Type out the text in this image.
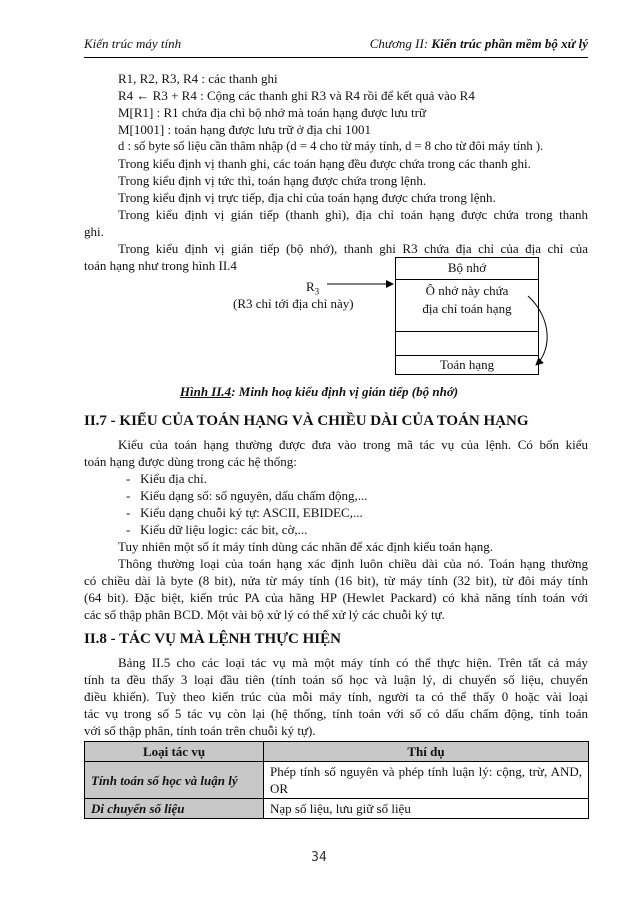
Kiến trúc máy tính	Chương II: Kiến trúc phần mềm bộ xử lý
R1, R2, R3, R4 : các thanh ghi
R4 ← R3 + R4 : Cộng các thanh ghi R3 và R4 rồi để kết quả vào R4
M[R1] : R1 chứa địa chỉ bộ nhớ mà toán hạng được lưu trữ
M[1001] : toán hạng được lưu trữ ở địa chỉ 1001
d : số byte số liệu cần thâm nhập (d = 4 cho từ máy tính, d = 8 cho từ đôi máy tính ).
Trong kiểu định vị thanh ghi, các toán hạng đều được chứa trong các thanh ghi.
Trong kiểu định vị tức thì, toán hạng được chứa trong lệnh.
Trong kiểu định vị trực tiếp, địa chỉ của toán hạng được chứa trong lệnh.
Trong kiểu định vị gián tiếp (thanh ghi), địa chỉ toán hạng được chứa trong thanh
ghi.
Trong kiểu định vị gián tiếp (bộ nhớ), thanh ghi R3 chứa địa chỉ của địa chỉ của
toán hạng như trong hình II.4	Bộ nhớ
Ô nhớ này chứa
địa chỉ toán hạng
Toán hạng
$R_3$
(R3 chỉ tới địa chỉ này)
Hình II.4: Minh hoạ kiểu định vị gián tiếp (bộ nhớ)
II.7 - KIỂU CỦA TOÁN HẠNG VÀ CHIỀU DÀI CỦA TOÁN HẠNG
Kiểu của toán hạng thường được đưa vào trong mã tác vụ của lệnh. Có bốn kiểu
toán hạng được dùng trong các hệ thống:
-   Kiểu địa chỉ.
-   Kiểu dạng số: số nguyên, dấu chấm động,...
-   Kiểu dạng chuỗi ký tự: ASCII, EBIDEC,...
-   Kiểu dữ liệu logic: các bit, cờ,...
Tuy nhiên một số ít máy tính dùng các nhãn để xác định kiểu toán hạng.
Thông thường loại của toán hạng xác định luôn chiều dài của nó. Toán hạng thường
có chiều dài là byte (8 bit), nửa từ máy tính (16 bit), từ máy tính (32 bit), từ đôi máy tính
(64 bit). Đặc biệt, kiến trúc PA của hãng HP (Hewlet Packard) có khả năng tính toán với
các số thập phân BCD. Một vài bộ xử lý có thể xử lý các chuỗi ký tự.
II.8 - TÁC VỤ MÀ LỆNH THỰC HIỆN
Bảng II.5 cho các loại tác vụ mà một máy tính có thể thực hiện. Trên tất cả máy
tính ta đều thấy 3 loại đầu tiên (tính toán số học và luận lý, di chuyển số liệu, chuyển
điều khiển). Tuỳ theo kiến trúc của mỗi máy tính, người ta có thể thấy 0 hoặc vài loại
tác vụ trong số 5 tác vụ còn lại (hệ thống, tính toán với số có dấu chấm động, tính toán
với số thập phân, tính toán trên chuỗi ký tự).
Loại tác vụ	Thí dụ
Tính toán số học và luận lý	Phép tính số nguyên và phép tính luận lý: cộng, trừ, AND, OR
Di chuyển số liệu	Nạp số liệu, lưu giữ số liệu
34
